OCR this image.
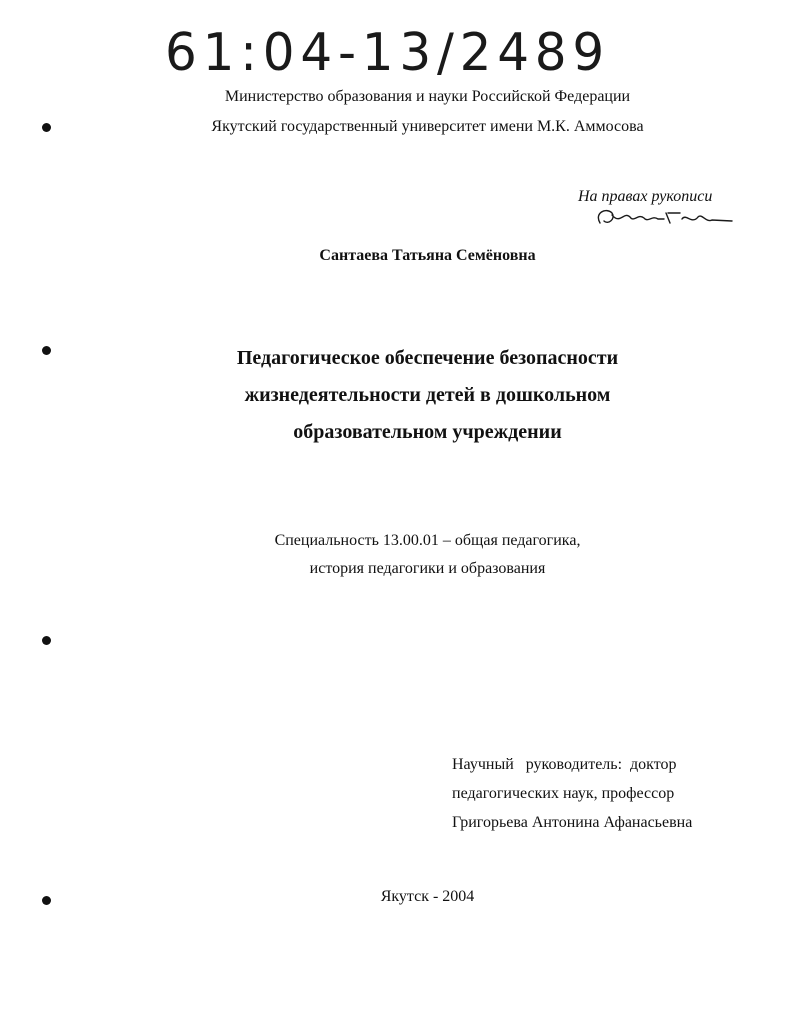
61:04-13/2489
Министерство образования и науки Российской Федерации
Якутский государственный университет имени М.К. Аммосова
На правах рукописи
Сантаева Татьяна Семёновна
Педагогическое обеспечение безопасности
жизнедеятельности детей в дошкольном
образовательном учреждении
Специальность 13.00.01 – общая педагогика,
история педагогики и образования
Научный   руководитель:  доктор
педагогических наук, профессор
Григорьева Антонина Афанасьевна
Якутск - 2004
